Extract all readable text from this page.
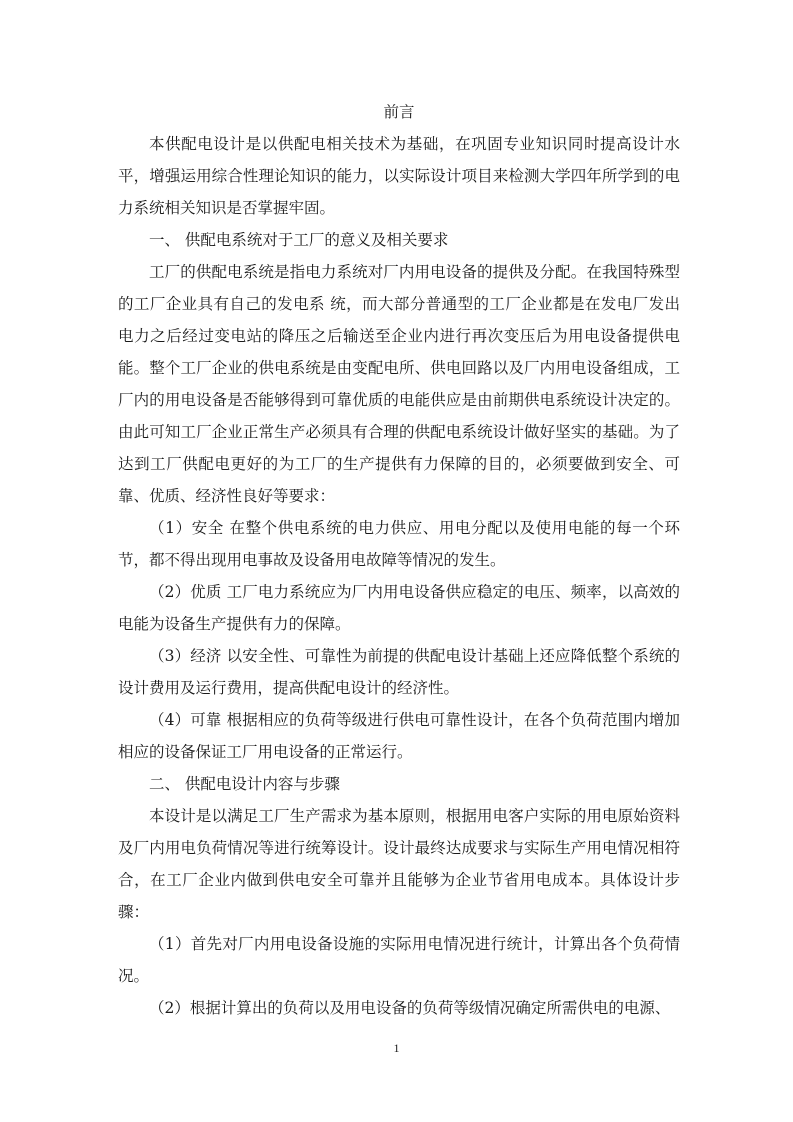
前言

本供配电设计是以供配电相关技术为基础，在巩固专业知识同时提高设计水平，增强运用综合性理论知识的能力，以实际设计项目来检测大学四年所学到的电力系统相关知识是否掌握牢固。

一、 供配电系统对于工厂的意义及相关要求

工厂的供配电系统是指电力系统对厂内用电设备的提供及分配。在我国特殊型的工厂企业具有自己的发电系 统，而大部分普通型的工厂企业都是在发电厂发出电力之后经过变电站的降压之后输送至企业内进行再次变压后为用电设备提供电能。整个工厂企业的供电系统是由变配电所、供电回路以及厂内用电设备组成，工厂内的用电设备是否能够得到可靠优质的电能供应是由前期供电系统设计决定的。由此可知工厂企业正常生产必须具有合理的供配电系统设计做好坚实的基础。为了达到工厂供配电更好的为工厂的生产提供有力保障的目的，必须要做到安全、可靠、优质、经济性良好等要求：

（1）安全 在整个供电系统的电力供应、用电分配以及使用电能的每一个环节，都不得出现用电事故及设备用电故障等情况的发生。

（2）优质 工厂电力系统应为厂内用电设备供应稳定的电压、频率，以高效的电能为设备生产提供有力的保障。

（3）经济 以安全性、可靠性为前提的供配电设计基础上还应降低整个系统的设计费用及运行费用，提高供配电设计的经济性。

（4）可靠 根据相应的负荷等级进行供电可靠性设计，在各个负荷范围内增加相应的设备保证工厂用电设备的正常运行。

二、 供配电设计内容与步骤

本设计是以满足工厂生产需求为基本原则，根据用电客户实际的用电原始资料及厂内用电负荷情况等进行统筹设计。设计最终达成要求与实际生产用电情况相符合，在工厂企业内做到供电安全可靠并且能够为企业节省用电成本。具体设计步骤：

（1）首先对厂内用电设备设施的实际用电情况进行统计，计算出各个负荷情况。

（2）根据计算出的负荷以及用电设备的负荷等级情况确定所需供电的电源、

1
